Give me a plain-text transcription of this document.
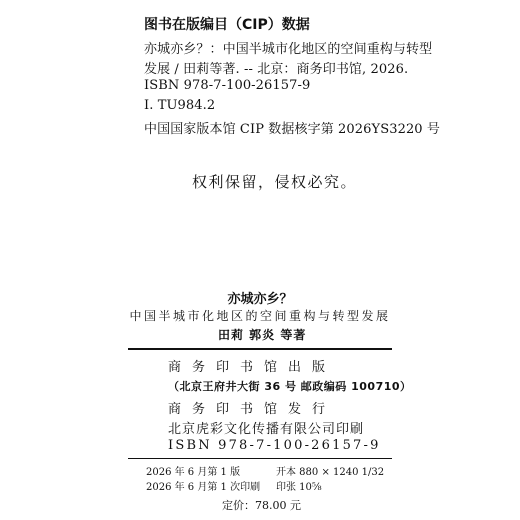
图书在版编目（CIP）数据
亦城亦乡？：中国半城市化地区的空间重构与转型
发展 / 田莉等著. -- 北京：商务印书馆, 2026.
ISBN 978-7-100-26157-9
Ⅰ. TU984.2
中国国家版本馆 CIP 数据核字第 2026YS3220 号
权利保留，侵权必究。
亦城亦乡？
中国半城市化地区的空间重构与转型发展
田莉 郭炎 等著
商务印书馆出版
（北京王府井大街 36 号 邮政编码 100710）
商务印书馆发行
北京虎彩文化传播有限公司印刷
ISBN 978-7-100-26157-9
2026 年 6 月第 1 版
2026 年 6 月第 1 次印刷
开本 880 × 1240 1/32
印张 10⅝
定价：78.00 元
